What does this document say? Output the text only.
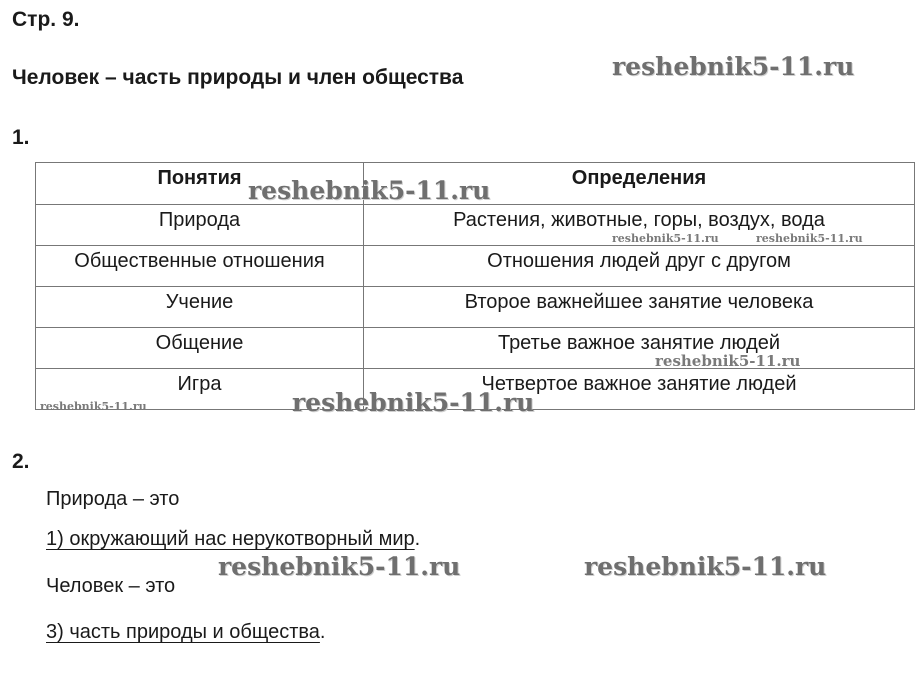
Стр. 9.
Человек – часть природы и член общества
1.
Понятия	Определения
Природа	Растения, животные, горы, воздух, вода
Общественные отношения	Отношения людей друг с другом
Учение	Второе важнейшее занятие человека
Общение	Третье важное занятие людей
Игра	Четвертое важное занятие людей
2.
Природа – это
1) окружающий нас нерукотворный мир.
Человек – это
3) часть природы и общества.
reshebnik5-11.ru
reshebnik5-11.ru
reshebnik5-11.ru	reshebnik5-11.ru
reshebnik5-11.ru
reshebnik5-11.ru	reshebnik5-11.ru
reshebnik5-11.ru	reshebnik5-11.ru
